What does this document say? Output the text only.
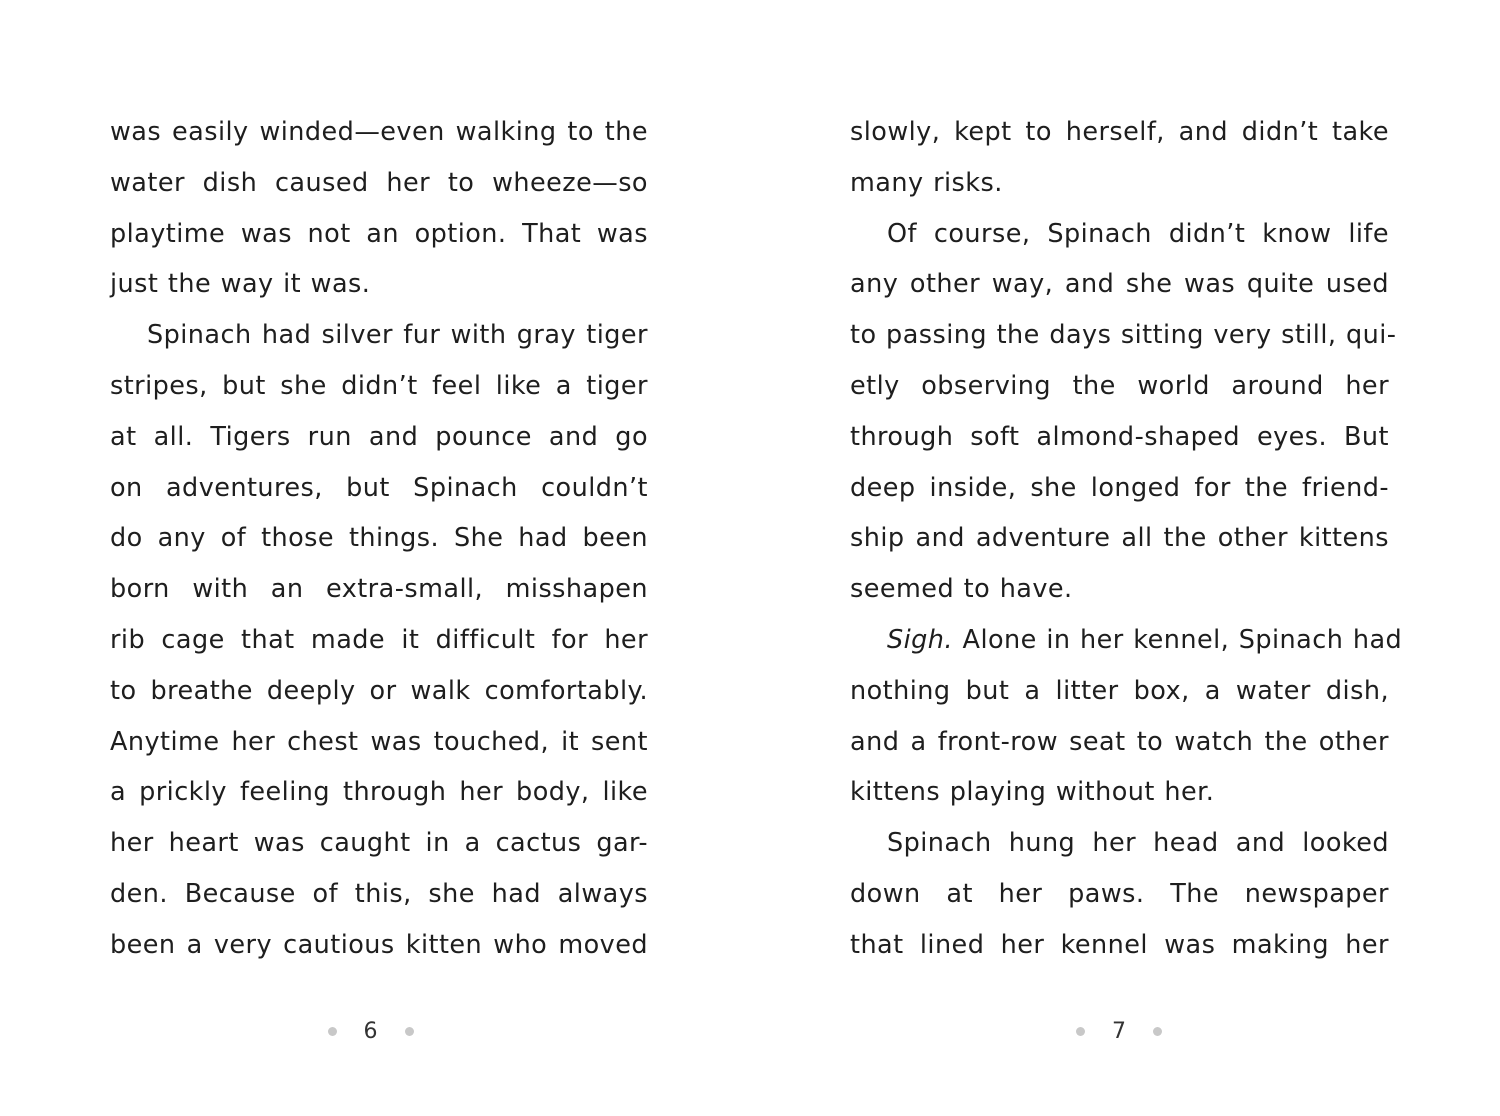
was easily winded—even walking to the
water dish caused her to wheeze—so
playtime was not an option. That was
just the way it was.
Spinach had silver fur with gray tiger
stripes, but she didn’t feel like a tiger
at all. Tigers run and pounce and go
on adventures, but Spinach couldn’t
do any of those things. She had been
born with an extra-small, misshapen
rib cage that made it difficult for her
to breathe deeply or walk comfortably.
Anytime her chest was touched, it sent
a prickly feeling through her body, like
her heart was caught in a cactus gar-
den. Because of this, she had always
been a very cautious kitten who moved
6
slowly, kept to herself, and didn’t take
many risks.
Of course, Spinach didn’t know life
any other way, and she was quite used
to passing the days sitting very still, qui-
etly observing the world around her
through soft almond-shaped eyes. But
deep inside, she longed for the friend-
ship and adventure all the other kittens
seemed to have.
Sigh. Alone in her kennel, Spinach had
nothing but a litter box, a water dish,
and a front-row seat to watch the other
kittens playing without her.
Spinach hung her head and looked
down at her paws. The newspaper
that lined her kennel was making her
7
